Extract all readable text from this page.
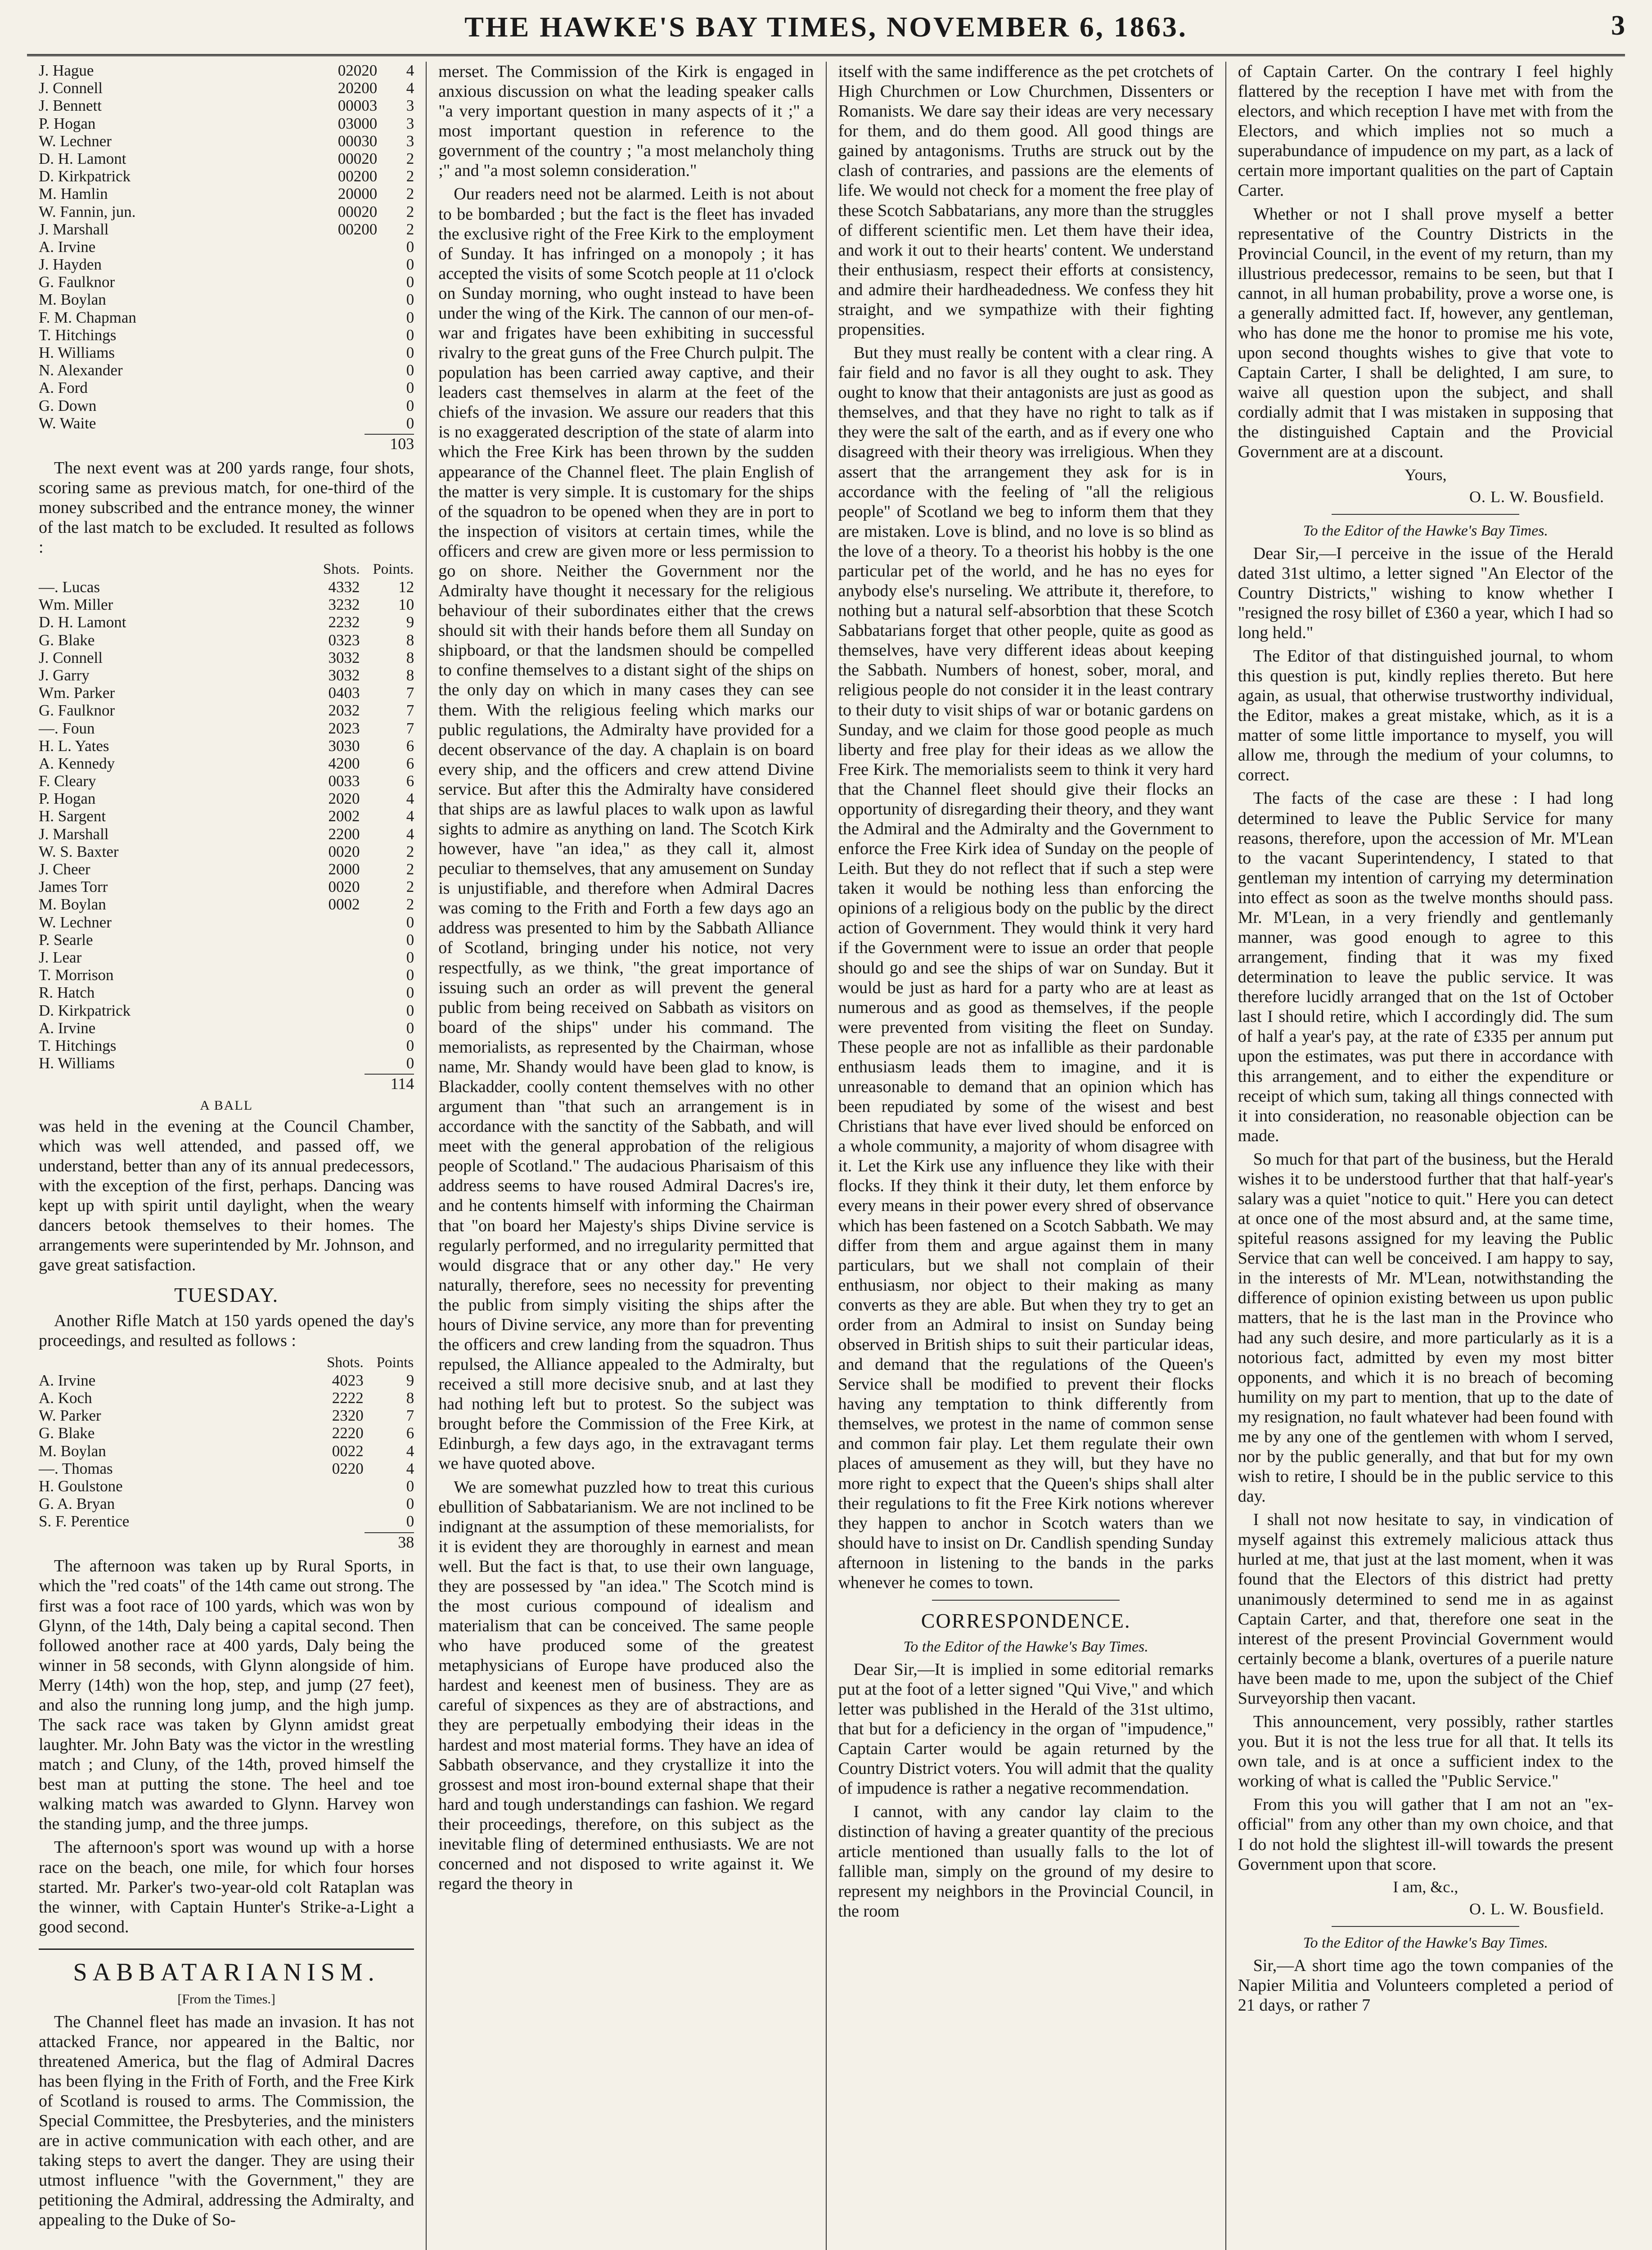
THE HAWKE'S BAY TIMES, NOVEMBER 6, 1863.	3
J. Hague	02020	4
J. Connell	20200	4
J. Bennett	00003	3
P. Hogan	03000	3
W. Lechner	00030	3
D. H. Lamont	00020	2
D. Kirkpatrick	00200	2
M. Hamlin	20000	2
W. Fannin, jun.	00020	2
J. Marshall	00200	2
A. Irvine		0
J. Hayden		0
G. Faulknor		0
M. Boylan		0
F. M. Chapman		0
T. Hitchings		0
H. Williams		0
N. Alexander		0
A. Ford		0
G. Down		0
W. Waite		0
103

The next event was at 200 yards range, four shots, scoring same as previous match, for one-third of the money subscribed and the entrance money, the winner of the last match to be excluded. It resulted as follows :

	Shots.	Points.
—. Lucas	4332	12
Wm. Miller	3232	10
D. H. Lamont	2232	9
G. Blake	0323	8
J. Connell	3032	8
J. Garry	3032	8
Wm. Parker	0403	7
G. Faulknor	2032	7
—. Foun	2023	7
H. L. Yates	3030	6
A. Kennedy	4200	6
F. Cleary	0033	6
P. Hogan	2020	4
H. Sargent	2002	4
J. Marshall	2200	4
W. S. Baxter	0020	2
J. Cheer	2000	2
James Torr	0020	2
M. Boylan	0002	2
W. Lechner		0
P. Searle		0
J. Lear		0
T. Morrison		0
R. Hatch		0
D. Kirkpatrick		0
A. Irvine		0
T. Hitchings		0
H. Williams		0
114
A BALL

was held in the evening at the Council Chamber, which was well attended, and passed off, we understand, better than any of its annual predecessors, with the exception of the first, perhaps. Dancing was kept up with spirit until daylight, when the weary dancers betook themselves to their homes. The arrangements were superintended by Mr. Johnson, and gave great satisfaction.

TUESDAY.

Another Rifle Match at 150 yards opened the day's proceedings, and resulted as follows :

	Shots.	Points
A. Irvine	4023	9
A. Koch	2222	8
W. Parker	2320	7
G. Blake	2220	6
M. Boylan	0022	4
—. Thomas	0220	4
H. Goulstone		0
G. A. Bryan		0
S. F. Perentice		0
38

The afternoon was taken up by Rural Sports, in which the "red coats" of the 14th came out strong. The first was a foot race of 100 yards, which was won by Glynn, of the 14th, Daly being a capital second. Then followed another race at 400 yards, Daly being the winner in 58 seconds, with Glynn alongside of him. Merry (14th) won the hop, step, and jump (27 feet), and also the running long jump, and the high jump. The sack race was taken by Glynn amidst great laughter. Mr. John Baty was the victor in the wrestling match ; and Cluny, of the 14th, proved himself the best man at putting the stone. The heel and toe walking match was awarded to Glynn. Harvey won the standing jump, and the three jumps.

The afternoon's sport was wound up with a horse race on the beach, one mile, for which four horses started. Mr. Parker's two-year-old colt Rataplan was the winner, with Captain Hunter's Strike-a-Light a good second.

SABBATARIANISM.
[From the Times.]

The Channel fleet has made an invasion. It has not attacked France, nor appeared in the Baltic, nor threatened America, but the flag of Admiral Dacres has been flying in the Frith of Forth, and the Free Kirk of Scotland is roused to arms. The Commission, the Special Committee, the Presbyteries, and the ministers are in active communication with each other, and are taking steps to avert the danger. They are using their utmost influence "with the Government," they are petitioning the Admiral, addressing the Admiralty, and appealing to the Duke of So-

merset. The Commission of the Kirk is engaged in anxious discussion on what the leading speaker calls "a very important question in many aspects of it ;" a most important question in reference to the government of the country ; "a most melancholy thing ;" and "a most solemn consideration."

Our readers need not be alarmed. Leith is not about to be bombarded ; but the fact is the fleet has invaded the exclusive right of the Free Kirk to the employment of Sunday. It has infringed on a monopoly ; it has accepted the visits of some Scotch people at 11 o'clock on Sunday morning, who ought instead to have been under the wing of the Kirk. The cannon of our men-of-war and frigates have been exhibiting in successful rivalry to the great guns of the Free Church pulpit. The population has been carried away captive, and their leaders cast themselves in alarm at the feet of the chiefs of the invasion. We assure our readers that this is no exaggerated description of the state of alarm into which the Free Kirk has been thrown by the sudden appearance of the Channel fleet. The plain English of the matter is very simple. It is customary for the ships of the squadron to be opened when they are in port to the inspection of visitors at certain times, while the officers and crew are given more or less permission to go on shore. Neither the Government nor the Admiralty have thought it necessary for the religious behaviour of their subordinates either that the crews should sit with their hands before them all Sunday on shipboard, or that the landsmen should be compelled to confine themselves to a distant sight of the ships on the only day on which in many cases they can see them. With the religious feeling which marks our public regulations, the Admiralty have provided for a decent observance of the day. A chaplain is on board every ship, and the officers and crew attend Divine service. But after this the Admiralty have considered that ships are as lawful places to walk upon as lawful sights to admire as anything on land. The Scotch Kirk however, have "an idea," as they call it, almost peculiar to themselves, that any amusement on Sunday is unjustifiable, and therefore when Admiral Dacres was coming to the Frith and Forth a few days ago an address was presented to him by the Sabbath Alliance of Scotland, bringing under his notice, not very respectfully, as we think, "the great importance of issuing such an order as will prevent the general public from being received on Sabbath as visitors on board of the ships" under his command. The memorialists, as represented by the Chairman, whose name, Mr. Shandy would have been glad to know, is Blackadder, coolly content themselves with no other argument than "that such an arrangement is in accordance with the sanctity of the Sabbath, and will meet with the general approbation of the religious people of Scotland." The audacious Pharisaism of this address seems to have roused Admiral Dacres's ire, and he contents himself with informing the Chairman that "on board her Majesty's ships Divine service is regularly performed, and no irregularity permitted that would disgrace that or any other day." He very naturally, therefore, sees no necessity for preventing the public from simply visiting the ships after the hours of Divine service, any more than for preventing the officers and crew landing from the squadron. Thus repulsed, the Alliance appealed to the Admiralty, but received a still more decisive snub, and at last they had nothing left but to protest. So the subject was brought before the Commission of the Free Kirk, at Edinburgh, a few days ago, in the extravagant terms we have quoted above.

We are somewhat puzzled how to treat this curious ebullition of Sabbatarianism. We are not inclined to be indignant at the assumption of these memorialists, for it is evident they are thoroughly in earnest and mean well. But the fact is that, to use their own language, they are possessed by "an idea." The Scotch mind is the most curious compound of idealism and materialism that can be conceived. The same people who have produced some of the greatest metaphysicians of Europe have produced also the hardest and keenest men of business. They are as careful of sixpences as they are of abstractions, and they are perpetually embodying their ideas in the hardest and most material forms. They have an idea of Sabbath observance, and they crystallize it into the grossest and most iron-bound external shape that their hard and tough understandings can fashion. We regard their proceedings, therefore, on this subject as the inevitable fling of determined enthusiasts. We are not concerned and not disposed to write against it. We regard the theory in

itself with the same indifference as the pet crotchets of High Churchmen or Low Churchmen, Dissenters or Romanists. We dare say their ideas are very necessary for them, and do them good. All good things are gained by antagonisms. Truths are struck out by the clash of contraries, and passions are the elements of life. We would not check for a moment the free play of these Scotch Sabbatarians, any more than the struggles of different scientific men. Let them have their idea, and work it out to their hearts' content. We understand their enthusiasm, respect their efforts at consistency, and admire their hardheadedness. We confess they hit straight, and we sympathize with their fighting propensities.

But they must really be content with a clear ring. A fair field and no favor is all they ought to ask. They ought to know that their antagonists are just as good as themselves, and that they have no right to talk as if they were the salt of the earth, and as if every one who disagreed with their theory was irreligious. When they assert that the arrangement they ask for is in accordance with the feeling of "all the religious people" of Scotland we beg to inform them that they are mistaken. Love is blind, and no love is so blind as the love of a theory. To a theorist his hobby is the one particular pet of the world, and he has no eyes for anybody else's nurseling. We attribute it, therefore, to nothing but a natural self-absorbtion that these Scotch Sabbatarians forget that other people, quite as good as themselves, have very different ideas about keeping the Sabbath. Numbers of honest, sober, moral, and religious people do not consider it in the least contrary to their duty to visit ships of war or botanic gardens on Sunday, and we claim for those good people as much liberty and free play for their ideas as we allow the Free Kirk. The memorialists seem to think it very hard that the Channel fleet should give their flocks an opportunity of disregarding their theory, and they want the Admiral and the Admiralty and the Government to enforce the Free Kirk idea of Sunday on the people of Leith. But they do not reflect that if such a step were taken it would be nothing less than enforcing the opinions of a religious body on the public by the direct action of Government. They would think it very hard if the Government were to issue an order that people should go and see the ships of war on Sunday. But it would be just as hard for a party who are at least as numerous and as good as themselves, if the people were prevented from visiting the fleet on Sunday. These people are not as infallible as their pardonable enthusiasm leads them to imagine, and it is unreasonable to demand that an opinion which has been repudiated by some of the wisest and best Christians that have ever lived should be enforced on a whole community, a majority of whom disagree with it. Let the Kirk use any influence they like with their flocks. If they think it their duty, let them enforce by every means in their power every shred of observance which has been fastened on a Scotch Sabbath. We may differ from them and argue against them in many particulars, but we shall not complain of their enthusiasm, nor object to their making as many converts as they are able. But when they try to get an order from an Admiral to insist on Sunday being observed in British ships to suit their particular ideas, and demand that the regulations of the Queen's Service shall be modified to prevent their flocks having any temptation to think differently from themselves, we protest in the name of common sense and common fair play. Let them regulate their own places of amusement as they will, but they have no more right to expect that the Queen's ships shall alter their regulations to fit the Free Kirk notions wherever they happen to anchor in Scotch waters than we should have to insist on Dr. Candlish spending Sunday afternoon in listening to the bands in the parks whenever he comes to town.

CORRESPONDENCE.
To the Editor of the Hawke's Bay Times.

Dear Sir,—It is implied in some editorial remarks put at the foot of a letter signed "Qui Vive," and which letter was published in the Herald of the 31st ultimo, that but for a deficiency in the organ of "impudence," Captain Carter would be again returned by the Country District voters. You will admit that the quality of impudence is rather a negative recommendation.

I cannot, with any candor lay claim to the distinction of having a greater quantity of the precious article mentioned than usually falls to the lot of fallible man, simply on the ground of my desire to represent my neighbors in the Provincial Council, in the room

of Captain Carter. On the contrary I feel highly flattered by the reception I have met with from the electors, and which reception I have met with from the Electors, and which implies not so much a superabundance of impudence on my part, as a lack of certain more important qualities on the part of Captain Carter.

Whether or not I shall prove myself a better representative of the Country Districts in the Provincial Council, in the event of my return, than my illustrious predecessor, remains to be seen, but that I cannot, in all human probability, prove a worse one, is a generally admitted fact. If, however, any gentleman, who has done me the honor to promise me his vote, upon second thoughts wishes to give that vote to Captain Carter, I shall be delighted, I am sure, to waive all question upon the subject, and shall cordially admit that I was mistaken in supposing that the distinguished Captain and the Provicial Government are at a discount.

Yours,
O. L. W. Bousfield.
To the Editor of the Hawke's Bay Times.

Dear Sir,—I perceive in the issue of the Herald dated 31st ultimo, a letter signed "An Elector of the Country Districts," wishing to know whether I "resigned the rosy billet of £360 a year, which I had so long held."

The Editor of that distinguished journal, to whom this question is put, kindly replies thereto. But here again, as usual, that otherwise trustworthy individual, the Editor, makes a great mistake, which, as it is a matter of some little importance to myself, you will allow me, through the medium of your columns, to correct.

The facts of the case are these : I had long determined to leave the Public Service for many reasons, therefore, upon the accession of Mr. M'Lean to the vacant Superintendency, I stated to that gentleman my intention of carrying my determination into effect as soon as the twelve months should pass. Mr. M'Lean, in a very friendly and gentlemanly manner, was good enough to agree to this arrangement, finding that it was my fixed determination to leave the public service. It was therefore lucidly arranged that on the 1st of October last I should retire, which I accordingly did. The sum of half a year's pay, at the rate of £335 per annum put upon the estimates, was put there in accordance with this arrangement, and to either the expenditure or receipt of which sum, taking all things connected with it into consideration, no reasonable objection can be made.

So much for that part of the business, but the Herald wishes it to be understood further that that half-year's salary was a quiet "notice to quit." Here you can detect at once one of the most absurd and, at the same time, spiteful reasons assigned for my leaving the Public Service that can well be conceived. I am happy to say, in the interests of Mr. M'Lean, notwithstanding the difference of opinion existing between us upon public matters, that he is the last man in the Province who had any such desire, and more particularly as it is a notorious fact, admitted by even my most bitter opponents, and which it is no breach of becoming humility on my part to mention, that up to the date of my resignation, no fault whatever had been found with me by any one of the gentlemen with whom I served, nor by the public generally, and that but for my own wish to retire, I should be in the public service to this day.

I shall not now hesitate to say, in vindication of myself against this extremely malicious attack thus hurled at me, that just at the last moment, when it was found that the Electors of this district had pretty unanimously determined to send me in as against Captain Carter, and that, therefore one seat in the interest of the present Provincial Government would certainly become a blank, overtures of a puerile nature have been made to me, upon the subject of the Chief Surveyorship then vacant.

This announcement, very possibly, rather startles you. But it is not the less true for all that. It tells its own tale, and is at once a sufficient index to the working of what is called the "Public Service."

From this you will gather that I am not an "ex-official" from any other than my own choice, and that I do not hold the slightest ill-will towards the present Government upon that score.

I am, &c.,
O. L. W. Bousfield.
To the Editor of the Hawke's Bay Times.

Sir,—A short time ago the town companies of the Napier Militia and Volunteers completed a period of 21 days, or rather 7
